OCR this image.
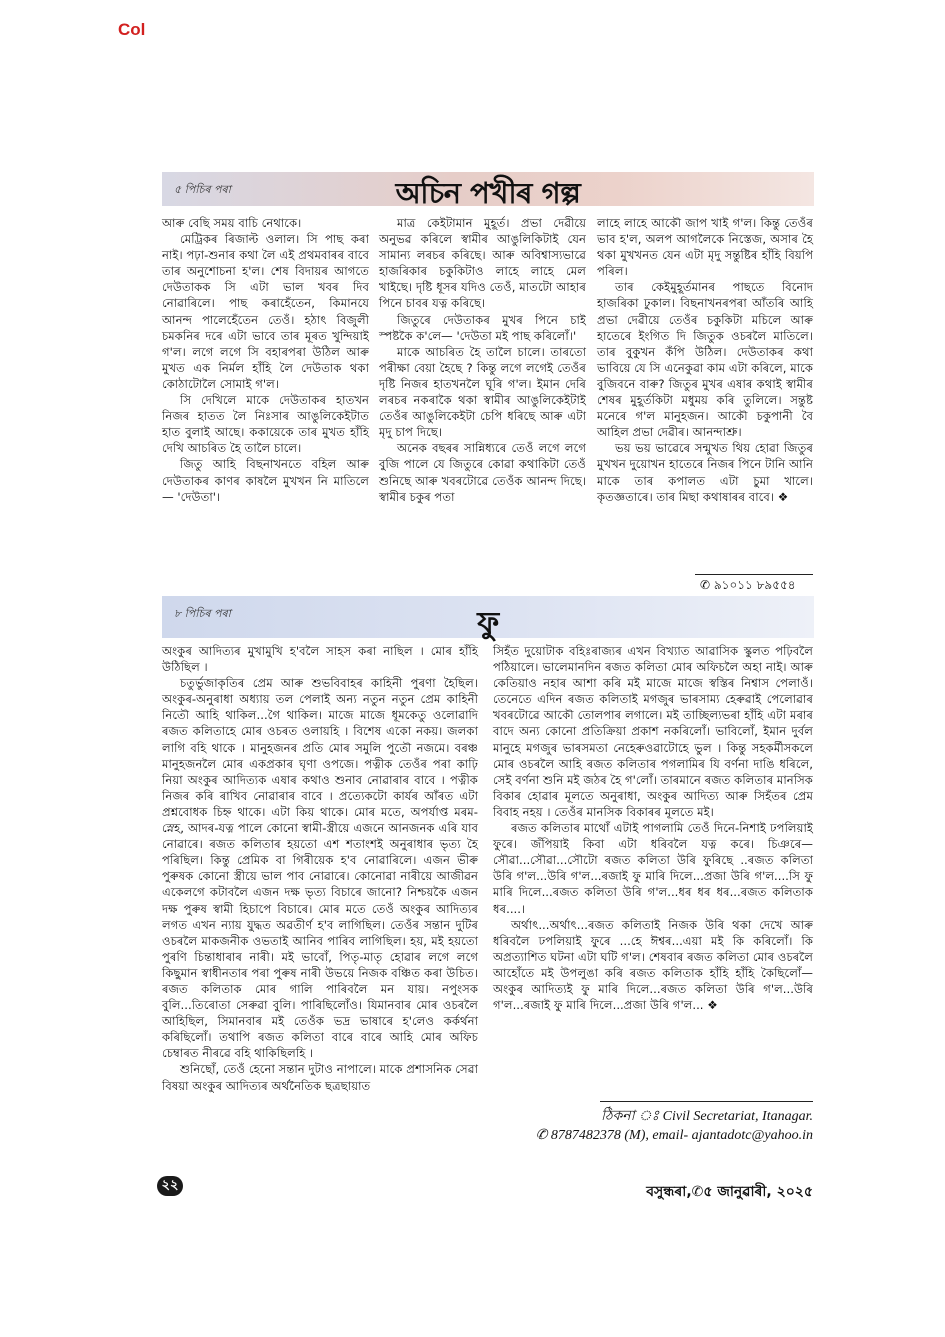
Col
৫ পিচিৰ পৰা	অচিন পখীৰ গল্প

আৰু বেছি সময় বাচি নেথাকে।

মেট্রিকৰ ৰিজাল্ট ওলাল। সি পাছ কৰা নাই। পঢ়া-শুনাৰ কথা লৈ এই প্ৰথমবাৰৰ বাবে তাৰ অনুশোচনা হ'ল। শেষ বিদায়ৰ আগতে দেউতাকক সি এটা ভাল খবৰ দিব নোৱাৰিলে। পাছ কৰাহেঁতেন, কিমানযে আনন্দ পালেহেঁতেন তেওঁ। হঠাৎ বিজুলী চমকনিৰ দৰে এটা ভাবে তাৰ মূৰত খুন্দিয়াই গ'ল। লগে লগে সি বহাৰপৰা উঠিল আৰু মুখত এক নিৰ্মল হাঁহি লৈ দেউতাক থকা কোঠাটোলৈ সোমাই গ'ল।

সি দেখিলে মাকে দেউতাকৰ হাতখন নিজৰ হাতত লৈ নিঃসাৰ আঙুলিকেইটাত হাত বুলাই আছে। ককায়েকে তাৰ মুখত হাঁহি দেখি আচৰিত হৈ তালৈ চালে।

জিতু আহি বিছনাখনতে বহিল আৰু দেউতাকৰ কাণৰ কাষলৈ মুখখন নি মাতিলে— 'দেউতা'।

মাত্ৰ কেইটামান মুহূৰ্ত। প্ৰভা দেৱীয়ে অনুভৱ কৰিলে স্বামীৰ আঙুলিকিটাই যেন সামান্য লৰচৰ কৰিছে। আৰু অবিশ্বাস্যভাৱে হাজৰিকাৰ চকুকিটাও লাহে লাহে মেল খাইছে। দৃষ্টি ধূসৰ যদিও তেওঁ, মাতটো আহাৰ পিনে চাবৰ যত্ন কৰিছে।

জিতুৰে দেউতাকৰ মুখৰ পিনে চাই স্পষ্টকৈ ক'লে— 'দেউতা মই পাছ কৰিলোঁ।'

মাকে আচৰিত হৈ তালৈ চালে। তাৰতো পৰীক্ষা বেয়া হৈছে ? কিন্তু লগে লগেই তেওঁৰ দৃষ্টি নিজৰ হাতখনলৈ ঘূৰি গ'ল। ইমান দেৰি লৰচৰ নকৰাকৈ থকা স্বামীৰ আঙুলিকেইটাই তেওঁৰ আঙুলিকেইটা চেপি ধৰিছে আৰু এটা মৃদু চাপ দিছে।

অনেক বছৰৰ সান্নিধ্যৰে তেওঁ লগে লগে বুজি পালে যে জিতুৰে কোৱা কথাকিটা তেওঁ শুনিছে আৰু খবৰটোৱে তেওঁক আনন্দ দিছে। স্বামীৰ চকুৰ পতা

লাহে লাহে আকৌ জাপ খাই গ'ল। কিন্তু তেওঁৰ ভাব হ'ল, অলপ আগলৈকে নিস্তেজ, অসাৰ হৈ থকা মুখখনত যেন এটা মৃদু সন্তুষ্টিৰ হাঁহি বিয়পি পৰিল।

তাৰ কেইমুহূৰ্তমানৰ পাছতে বিনোদ হাজৰিকা ঢুকাল। বিছনাখনৰপৰা আঁতৰি আহি প্ৰভা দেৱীয়ে তেওঁৰ চকুকিটা মচিলে আৰু হাতেৰে ইংগিত দি জিতুক ওচৰলৈ মাতিলে। তাৰ বুকুখন কঁপি উঠিল। দেউতাকৰ কথা ভাবিয়ে যে সি এনেকুৱা কাম এটা কৰিলে, মাকে বুজিবনে বাৰু? জিতুৰ মুখৰ এষাৰ কথাই স্বামীৰ শেষৰ মুহূৰ্তকিটা মধুময় কৰি তুলিলে। সন্তুষ্ট মনেৰে গ'ল মানুহজন। আকৌ চকুপানী বৈ আহিল প্ৰভা দেৱীৰ। আনন্দাশ্ৰু।

ভয় ভয় ভাৱেৰে সন্মুখত থিয় হোৱা জিতুৰ মুখখন দুয়োখন হাতেৰে নিজৰ পিনে টানি আনি মাকে তাৰ কপালত এটা চুমা খালে। কৃতজ্ঞতাৰে। তাৰ মিছা কথাষাৰৰ বাবে। ❖

✆ ৯১০১১ ৮৯৫৫৪
৮ পিচিৰ পৰা	ফু

অংকুৰ আদিত্যৰ মুখামুখি হ'বলৈ সাহস কৰা নাছিল । মোৰ হাঁহি উঠিছিল ।

চতুৰ্ভুজাকৃতিৰ প্ৰেম আৰু শুভবিবাহৰ কাহিনী পুৰণা হৈছিল। অংকুৰ-অনুৰাধা অধ্যায় তল পেলাই অন্য নতুন নতুন প্ৰেম কাহিনী নিতৌ আহি থাকিল...গৈ থাকিল। মাজে মাজে ধূমকেতু ওলোৱাদি ৰজত কলিতাহে মোৰ ওচৰত ওলায়হি । বিশেষ একো নকয়। জলকা লাগি বহি থাকে । মানুহজনৰ প্ৰতি মোৰ সমুলি পুতৌ নজমে। বৰঞ্চ মানুহজনলৈ মোৰ একপ্ৰকাৰ ঘৃণা ওপজে। পত্নীক তেওঁৰ পৰা কাঢ়ি নিয়া অংকুৰ আদিত্যক এষাৰ কথাও শুনাব নোৱাৰাৰ বাবে । পত্নীক নিজৰ কৰি ৰাখিব নোৱাৰাৰ বাবে । প্ৰত্যেকটো কাৰ্যৰ আঁৰত এটা প্ৰশ্নবোধক চিহ্ন থাকে। এটা কিয় থাকে। মোৰ মতে, অপৰ্যাপ্ত মৰম-স্নেহ, আদৰ-যত্ন পালে কোনো স্বামী-স্ত্ৰীয়ে এজনে আনজনক এৰি যাব নোৱাৰে। ৰজত কলিতাৰ হয়তো এশ শতাংশই অনুৰাধাৰ ভৃত্য হৈ পৰিছিল। কিন্তু প্ৰেমিক বা গিৰীয়েক হ'ব নোৱাৰিলে। এজন ভীৰু পুৰুষক কোনো স্ত্ৰীয়ে ভাল পাব নোৱাৰে। কোনোৱা নাৰীয়ে আজীৱন একেলগে কটাবলৈ এজন দক্ষ ভৃত্য বিচাৰে জানো? নিশ্চয়কৈ এজন দক্ষ পুৰুষ স্বামী হিচাপে বিচাৰে। মোৰ মতে তেওঁ অংকুৰ আদিত্যৰ লগত এখন ন্যায় যুদ্ধত অৱতীৰ্ণ হ'ব লাগিছিল। তেওঁৰ সন্তান দুটিৰ ওচৰলৈ মাকজনীক ওভতাই আনিব পাৰিব লাগিছিল। হয়, মই হয়তো পুৰণি চিন্তাধাৰাৰ নাৰী। মই ভাবোঁ, পিতৃ-মাতৃ হোৱাৰ লগে লগে কিছুমান স্বাধীনতাৰ পৰা পুৰুষ নাৰী উভয়ে নিজক বঞ্চিত কৰা উচিত। ৰজত কলিতাক মোৰ গালি পাৰিবলৈ মন যায়। নপুংসক বুলি...তিৰোতা সেৰুৱা বুলি। পাৰিছিলোঁও। যিমানবাৰ মোৰ ওচৰলৈ আহিছিল, সিমানবাৰ মই তেওঁক ভদ্ৰ ভাষাৰে হ'লেও কৰ্কৰ্থনা কৰিছিলোঁ। তথাপি ৰজত কলিতা বাৰে বাৰে আহি মোৰ অফিচ চেম্বাৰত নীৰৱে বহি থাকিছিলহি ।

শুনিছোঁ, তেওঁ হেনো সন্তান দুটাও নাপালে। মাকে প্ৰশাসনিক সেৱা বিষয়া অংকুৰ আদিত্যৰ অৰ্থনৈতিক ছত্ৰছায়াত

সিহঁত দুয়োটাক বহিঃৰাজ্যৰ এখন বিখ্যাত আৱাসিক স্কুলত পঢ়িবলৈ পঠিয়ালে। ভালেমানদিন ৰজত কলিতা মোৰ অফিচলৈ অহা নাই। আৰু কেতিয়াও নহাৰ আশা কৰি মই মাজে মাজে স্বস্তিৰ নিশ্বাস পেলাওঁ। তেনেতে এদিন ৰজত কলিতাই মগজুৰ ভাৰসাম্য হেৰুৱাই পেলোৱাৰ খবৰটোৱে আকৌ তোলপাৰ লগালে। মই তাচ্ছিল্যভৰা হাঁহি এটা মৰাৰ বাদে অন্য কোনো প্ৰতিক্ৰিয়া প্ৰকাশ নকৰিলোঁ। ভাবিলোঁ, ইমান দুৰ্বল মানুহে মগজুৰ ভাৰসমতা নেহেৰুওৱাটোহে ভুল । কিন্তু সহকৰ্মীসকলে মোৰ ওচৰলৈ আহি ৰজত কলিতাৰ পগলামিৰ যি বৰ্ণনা দাঙি ধৰিলে, সেই বৰ্ণনা শুনি মই জঠৰ হৈ গ'লোঁ। তাৰমানে ৰজত কলিতাৰ মানসিক বিকাৰ হোৱাৰ মূলতে অনুৰাধা, অংকুৰ আদিত্য আৰু সিহঁতৰ প্ৰেম বিবাহ নহয় । তেওঁৰ মানসিক বিকাৰৰ মূলতে মই।

ৰজত কলিতাৰ মাথোঁ এটাই পাগলামি তেওঁ দিনে-নিশাই ঢপলিয়াই ফুৰে। জঁপিয়াই কিবা এটা ধৰিবলৈ যত্ন কৰে। চিঞৰে—সৌৱা...সৌৱা...সৌটো ৰজত কলিতা উৰি ফুৰিছে ..ৰজত কলিতা উৰি গ'ল...উৰি গ'ল...ৰজাই ফু মাৰি দিলে...প্ৰজা উৰি গ'ল....সি ফু মাৰি দিলে...ৰজত কলিতা উৰি গ'ল...ধৰ ধৰ ধৰ...ৰজত কলিতাক ধৰ....।

অৰ্থাৎ...অৰ্থাৎ...ৰজত কলিতাই নিজক উৰি থকা দেখে আৰু ধৰিবলৈ ঢপলিয়াই ফুৰে ...হে ঈশ্বৰ...এয়া মই কি কৰিলোঁ। কি অপ্ৰত্যাশিত ঘটনা এটা ঘটি গ'ল। শেষবাৰ ৰজত কলিতা মোৰ ওচৰলৈ আহোঁতে মই উপলুঙা কৰি ৰজত কলিতাক হাঁহি হাঁহি কৈছিলোঁ—অংকুৰ আদিত্যই ফু মাৰি দিলে...ৰজত কলিতা উৰি গ'ল...উৰি গ'ল...ৰজাই ফু মাৰি দিলে...প্ৰজা উৰি গ'ল... ❖

ঠিকনা ঃ Civil Secretariat, Itanagar.
✆ 8787482378 (M), email- ajantadotc@yahoo.in
২২	বসুন্ধৰা,✆৫ জানুৱাৰী, ২০২৫
